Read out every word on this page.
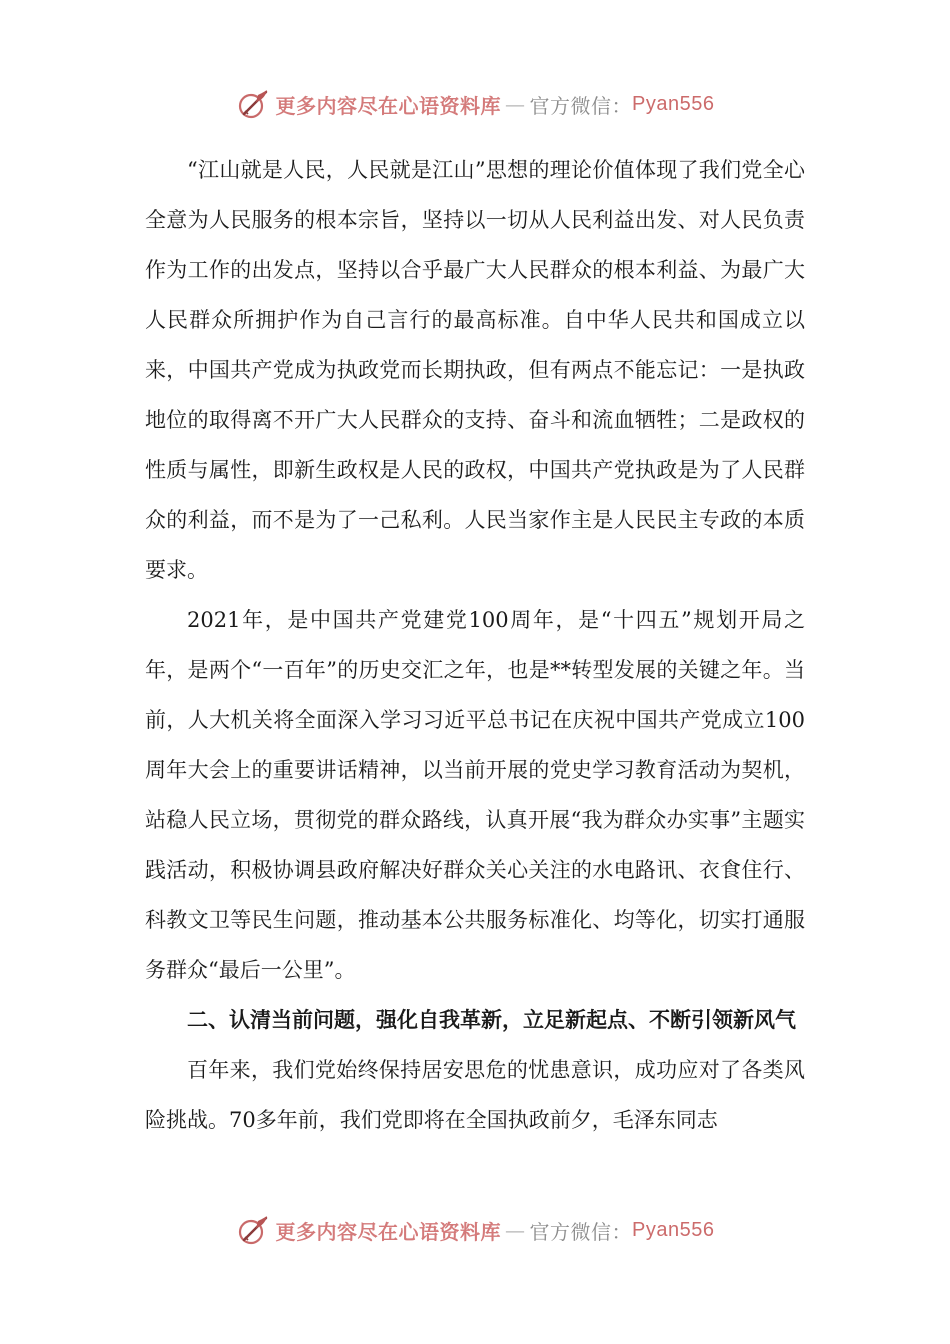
更多内容尽在心语资料库 — 官方微信： Pyan556

“江山就是人民，人民就是江山”思想的理论价值体现了我们党全心全意为人民服务的根本宗旨，坚持以一切从人民利益出发、对人民负责作为工作的出发点，坚持以合乎最广大人民群众的根本利益、为最广大人民群众所拥护作为自己言行的最高标准。自中华人民共和国成立以来，中国共产党成为执政党而长期执政，但有两点不能忘记：一是执政地位的取得离不开广大人民群众的支持、奋斗和流血牺牲；二是政权的性质与属性，即新生政权是人民的政权，中国共产党执政是为了人民群众的利益，而不是为了一己私利。人民当家作主是人民民主专政的本质要求。

2021年，是中国共产党建党100周年，是“十四五”规划开局之年，是两个“一百年”的历史交汇之年，也是**转型发展的关键之年。当前，人大机关将全面深入学习习近平总书记在庆祝中国共产党成立100周年大会上的重要讲话精神，以当前开展的党史学习教育活动为契机，站稳人民立场，贯彻党的群众路线，认真开展“我为群众办实事”主题实践活动，积极协调县政府解决好群众关心关注的水电路讯、衣食住行、科教文卫等民生问题，推动基本公共服务标准化、均等化，切实打通服务群众“最后一公里”。

二、认清当前问题，强化自我革新，立足新起点、不断引领新风气

百年来，我们党始终保持居安思危的忧患意识，成功应对了各类风险挑战。70多年前，我们党即将在全国执政前夕，毛泽东同志

更多内容尽在心语资料库 — 官方微信： Pyan556
